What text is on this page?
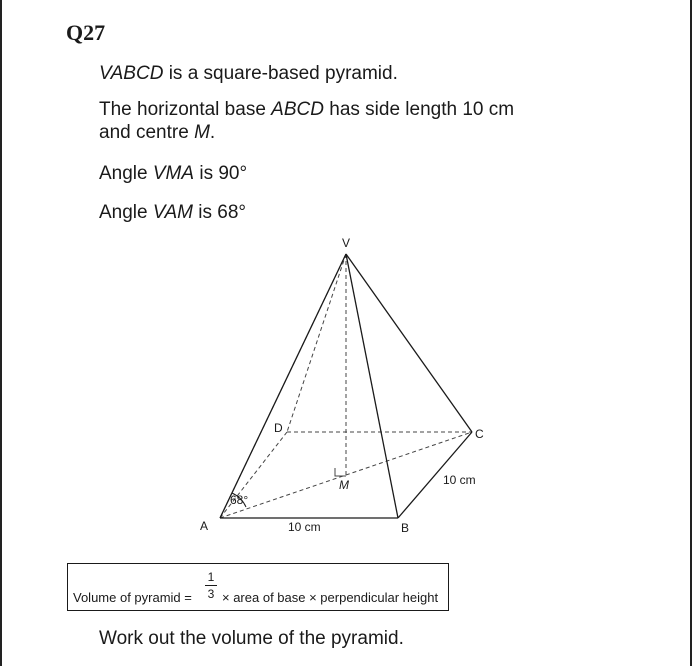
Q27

VABCD is a square-based pyramid.

The horizontal base ABCD has side length 10 cm
and centre M.

Angle VMA is 90°

Angle VAM is 68°

V
A	B
C
D
M
68°
10 cm
10 cm
Volume of pyramid =
1
3 × area of base × perpendicular height

Work out the volume of the pyramid.
